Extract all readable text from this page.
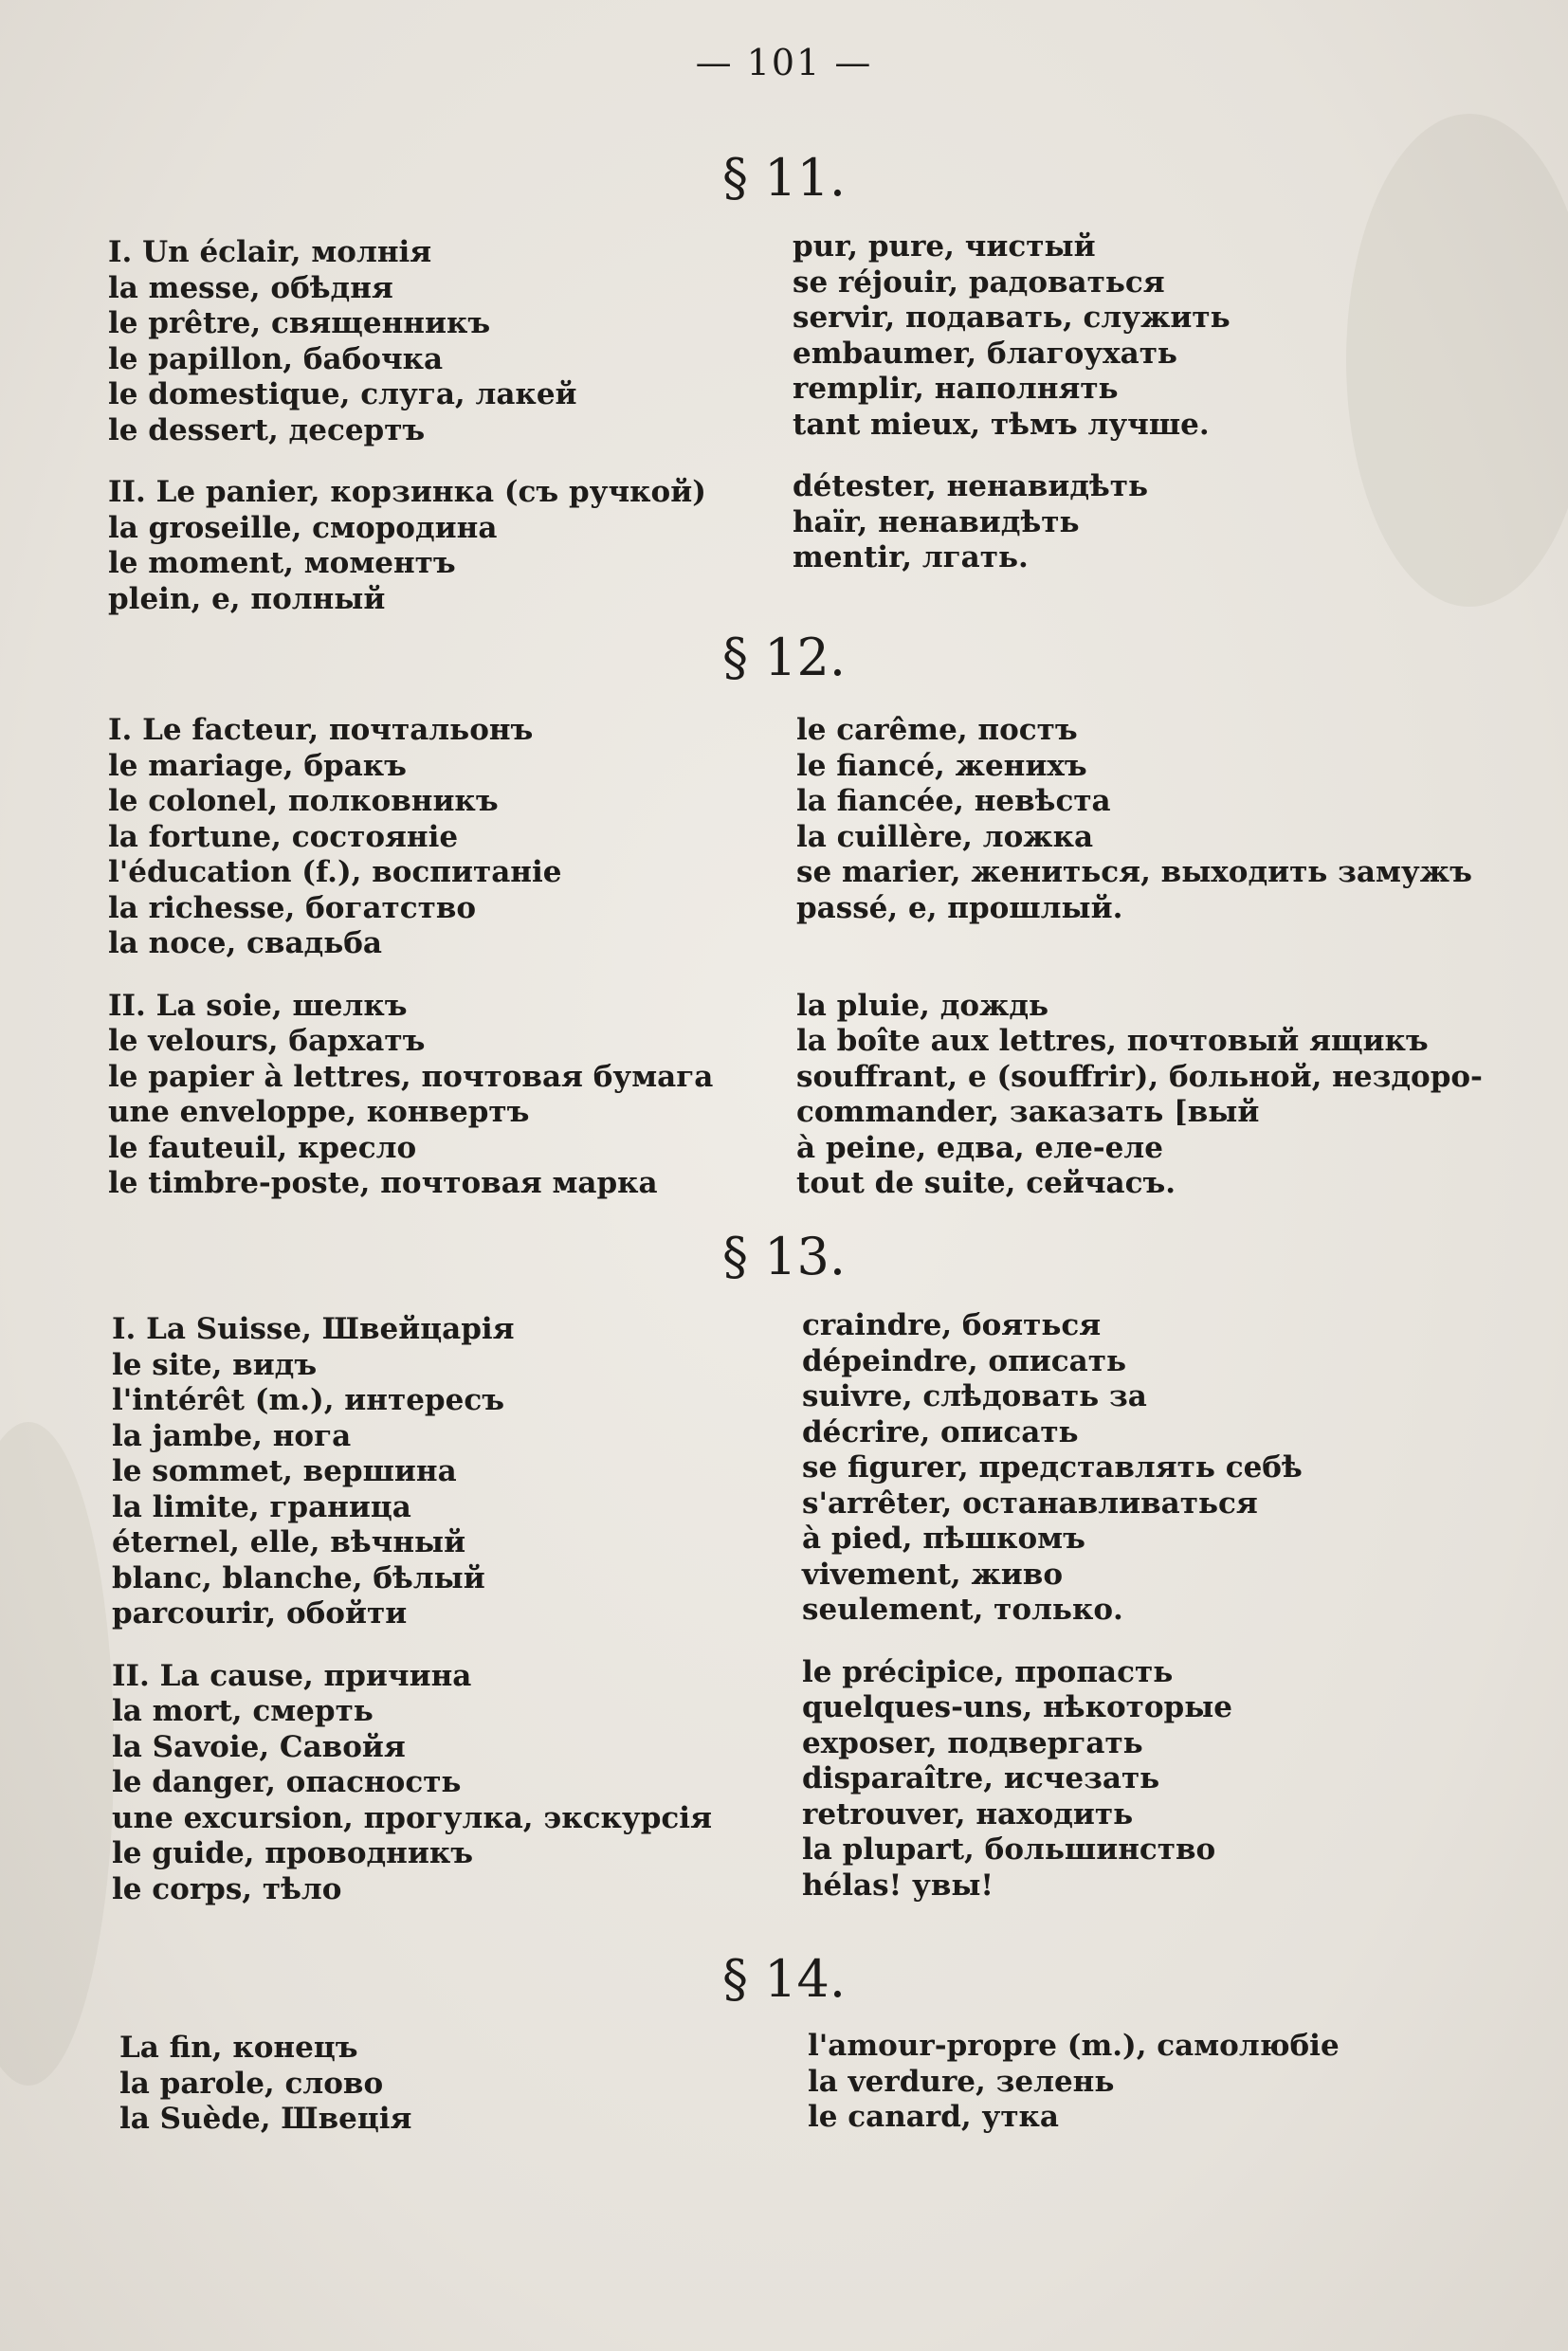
— 101 —
§ 11.
I. Un éclair, молнія
la messe, обѣдня
le prêtre, священникъ
le papillon, бабочка
le domestique, слуга, лакей
le dessert, десертъ
II. Le panier, корзинка (съ ручкой)
la groseille, смородина
le moment, моментъ
plein, e, полный
pur, pure, чистый
se réjouir, радоваться
servir, подавать, служить
embaumer, благоухать
remplir, наполнять
tant mieux, тѣмъ лучше.
détester, ненавидѣть
haïr, ненавидѣть
mentir, лгать.
§ 12.
I. Le facteur, почтальонъ
le mariage, бракъ
le colonel, полковникъ
la fortune, состояніе
l'éducation (f.), воспитаніе
la richesse, богатство
la noce, свадьба
II. La soie, шелкъ
le velours, бархатъ
le papier à lettres, почтовая бумага
une enveloppe, конвертъ
le fauteuil, кресло
le timbre-poste, почтовая марка
le carême, постъ
le fiancé, женихъ
la fiancée, невѣста
la cuillère, ложка
se marier, жениться, выходить замужъ
passé, e, прошлый.
la pluie, дождь
la boîte aux lettres, почтовый ящикъ
souffrant, e (souffrir), больной, нездоро-
commander, заказать [вый
à peine, едва, еле-еле
tout de suite, сейчасъ.
§ 13.
I. La Suisse, Швейцарія
le site, видъ
l'intérêt (m.), интересъ
la jambe, нога
le sommet, вершина
la limite, граница
éternel, elle, вѣчный
blanc, blanche, бѣлый
parcourir, обойти
II. La cause, причина
la mort, смерть
la Savoie, Савойя
le danger, опасность
une excursion, прогулка, экскурсія
le guide, проводникъ
le corps, тѣло
craindre, бояться
dépeindre, описать
suivre, слѣдовать за
décrire, описать
se figurer, представлять себѣ
s'arrêter, останавливаться
à pied, пѣшкомъ
vivement, живо
seulement, только.
le précipice, пропасть
quelques-uns, нѣкоторые
exposer, подвергать
disparaître, исчезать
retrouver, находить
la plupart, большинство
hélas! увы!
§ 14.
La fin, конецъ
la parole, слово
la Suède, Швеція
l'amour-propre (m.), самолюбіе
la verdure, зелень
le canard, утка
